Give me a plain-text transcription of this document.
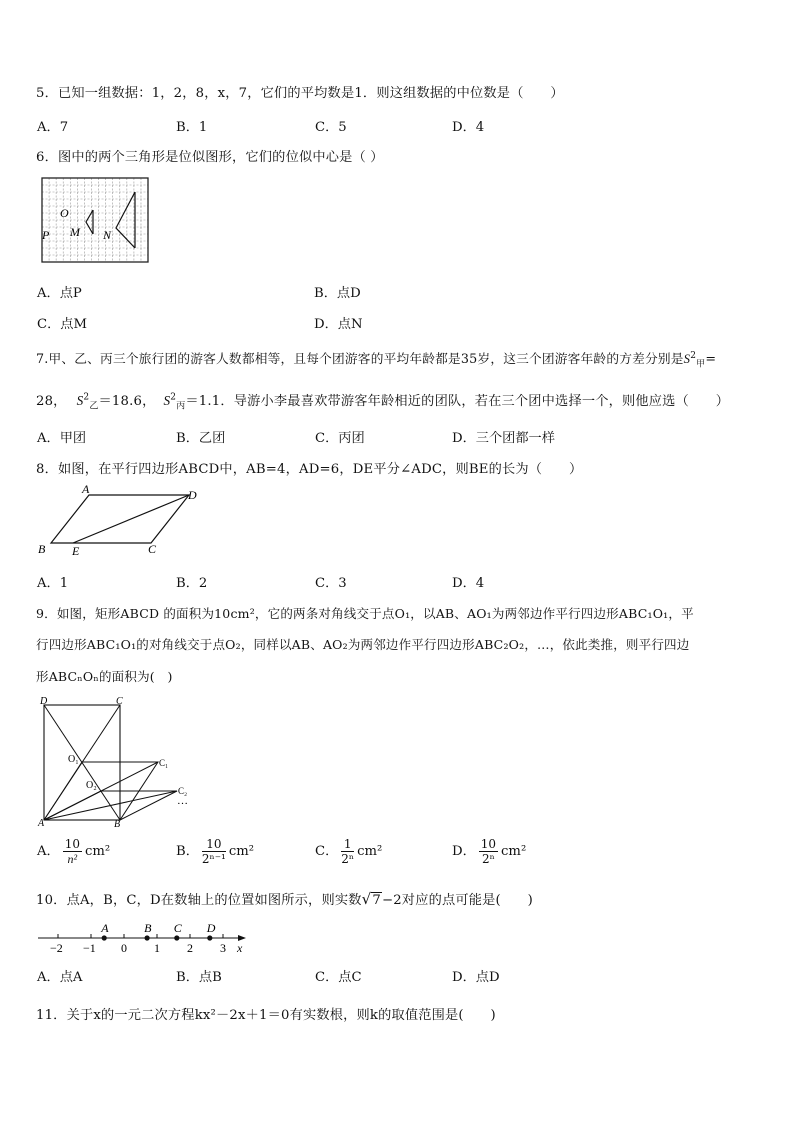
5．已知一组数据：1，2，8，x，7，它们的平均数是1．则这组数据的中位数是（　　）
A．7	B．1	C．5	D．4
6．图中的两个三角形是位似图形，它们的位似中心是（ ）
O
P M N
A．点P	B．点D
C．点M	D．点N
7.甲、乙、丙三个旅行团的游客人数都相等，且每个团游客的平均年龄都是35岁，这三个团游客年龄的方差分别是$S^2_甲=$
28， $S^2_乙=18.6$， $S^2_丙=1.1$．导游小李最喜欢带游客年龄相近的团队，若在三个团中选择一个，则他应选（　　）
A．甲团	B．乙团	C．丙团	D．三个团都一样
8．如图，在平行四边形ABCD中，AB=4，AD=6，DE平分∠ADC，则BE的长为（　　）
A	D
B E	C
A．1	B．2	C．3	D．4
9．如图，矩形ABCD 的面积为10cm²，它的两条对角线交于点O₁，以AB、AO₁为两邻边作平行四边形ABC₁O₁，平
行四边形ABC₁O₁的对角线交于点O₂，同样以AB、AO₂为两邻边作平行四边形ABC₂O₂，…，依此类推，则平行四边
形ABCₙOₙ的面积为(　)
D	C
O₁	C₁
O₂	C₂
A	B
…
A． $\frac{10}{\text{n²}} cm^2$	B． $\frac{10}{\text{2ⁿ⁻¹}} cm^2$	C． $\frac{1}{\text{2ⁿ}} cm^2$	D． $\frac{10}{\text{2ⁿ}} cm^2$
10．点A，B，C，D在数轴上的位置如图所示，则实数√7−2对应的点可能是(　　)
−2 −1 0 1 2 3 x
A	B C D
A．点A	B．点B	C．点C	D．点D
11．关于x的一元二次方程kx²－2x＋1＝0有实数根，则k的取值范围是(　　)
